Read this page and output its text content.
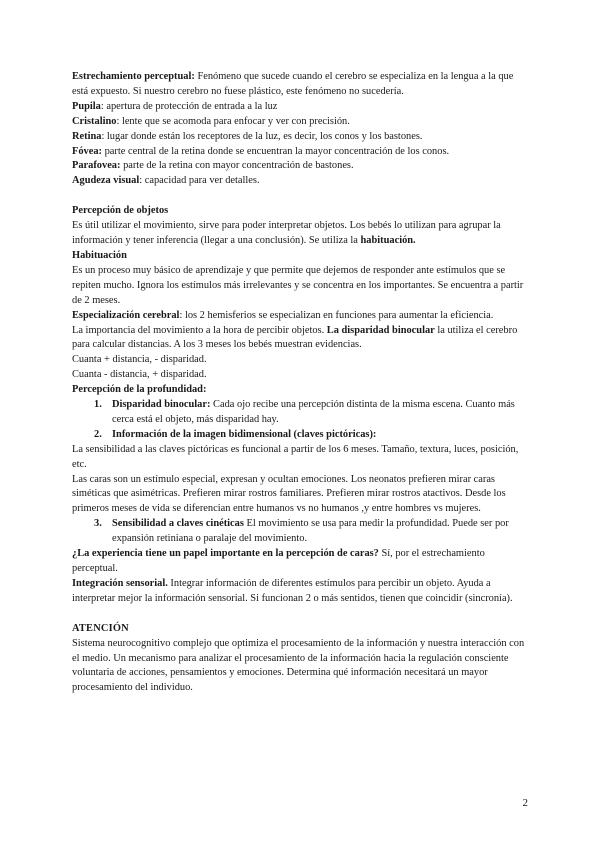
Estrechamiento perceptual: Fenómeno que sucede cuando el cerebro se especializa en la lengua a la que está expuesto. Si nuestro cerebro no fuese plástico, este fenómeno no sucedería.

Pupila: apertura de protección de entrada a la luz

Cristalino: lente que se acomoda para enfocar y ver con precisión.

Retina: lugar donde están los receptores de la luz, es decir, los conos y los bastones.

Fóvea: parte central de la retina donde se encuentran la mayor concentración de los conos.

Parafovea: parte de la retina con mayor concentración de bastones.

Agudeza visual: capacidad para ver detalles.

Percepción de objetos

Es útil utilizar el movimiento, sirve para poder interpretar objetos. Los bebés lo utilizan para agrupar la información y tener inferencia (llegar a una conclusión). Se utiliza la habituación.

Habituación

Es un proceso muy básico de aprendizaje y que permite que dejemos de responder ante estímulos que se repiten mucho. Ignora los estímulos más irrelevantes y se concentra en los importantes. Se encuentra a partir de 2 meses.

Especialización cerebral: los 2 hemisferios se especializan en funciones para aumentar la eficiencia.

La importancia del movimiento a la hora de percibir objetos. La disparidad binocular la utiliza el cerebro para calcular distancias. A los 3 meses los bebés muestran evidencias.

Cuanta + distancia, - disparidad.

Cuanta - distancia, + disparidad.

Percepción de la profundidad:

1. Disparidad binocular: Cada ojo recibe una percepción distinta de la misma escena. Cuanto más cerca está el objeto, más disparidad hay.
2. Información de la imagen bidimensional (claves pictóricas):

La sensibilidad a las claves pictóricas es funcional a partir de los 6 meses. Tamaño, textura, luces, posición, etc.

Las caras son un estímulo especial, expresan y ocultan emociones. Los neonatos prefieren mirar caras siméticas que asimétricas. Prefieren mirar rostros familiares. Prefieren mirar rostros atactivos. Desde los primeros meses de vida se diferencian entre humanos vs no humanos ,y entre hombres vs mujeres.

3. Sensibilidad a claves cinéticas El movimiento se usa para medir la profundidad. Puede ser por expansión retiniana o paralaje del movimiento.

¿La experiencia tiene un papel importante en la percepción de caras? Sí, por el estrechamiento perceptual.

Integración sensorial. Integrar información de diferentes estímulos para percibir un objeto. Ayuda a interpretar mejor la información sensorial. Si funcionan 2 o más sentidos, tienen que coincidir (sincronía).

ATENCIÓN

Sistema neurocognitivo complejo que optimiza el procesamiento de la información y nuestra interacción con el medio. Un mecanismo para analizar el procesamiento de la información hacia la regulación consciente voluntaria de acciones, pensamientos y emociones. Determina qué información necesitará un mayor procesamiento del individuo.

2
